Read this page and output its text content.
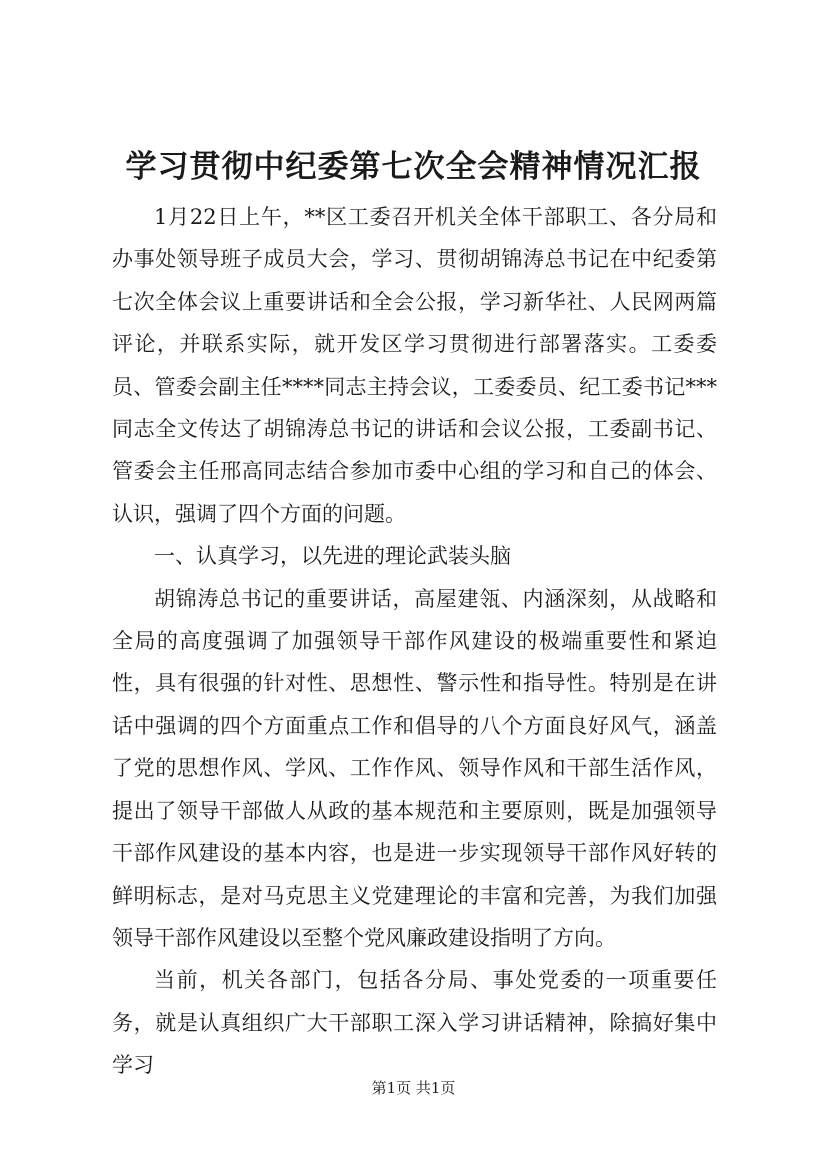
学习贯彻中纪委第七次全会精神情况汇报

1月22日上午，**区工委召开机关全体干部职工、各分局和办事处领导班子成员大会，学习、贯彻胡锦涛总书记在中纪委第七次全体会议上重要讲话和全会公报，学习新华社、人民网两篇评论，并联系实际，就开发区学习贯彻进行部署落实。工委委员、管委会副主任****同志主持会议，工委委员、纪工委书记***同志全文传达了胡锦涛总书记的讲话和会议公报，工委副书记、管委会主任邢高同志结合参加市委中心组的学习和自己的体会、认识，强调了四个方面的问题。

一、认真学习，以先进的理论武装头脑

胡锦涛总书记的重要讲话，高屋建瓴、内涵深刻，从战略和全局的高度强调了加强领导干部作风建设的极端重要性和紧迫性，具有很强的针对性、思想性、警示性和指导性。特别是在讲话中强调的四个方面重点工作和倡导的八个方面良好风气，涵盖了党的思想作风、学风、工作作风、领导作风和干部生活作风，提出了领导干部做人从政的基本规范和主要原则，既是加强领导干部作风建设的基本内容，也是进一步实现领导干部作风好转的鲜明标志，是对马克思主义党建理论的丰富和完善，为我们加强领导干部作风建设以至整个党风廉政建设指明了方向。

当前，机关各部门，包括各分局、事处党委的一项重要任务，就是认真组织广大干部职工深入学习讲话精神，除搞好集中学习

第1页 共1页
